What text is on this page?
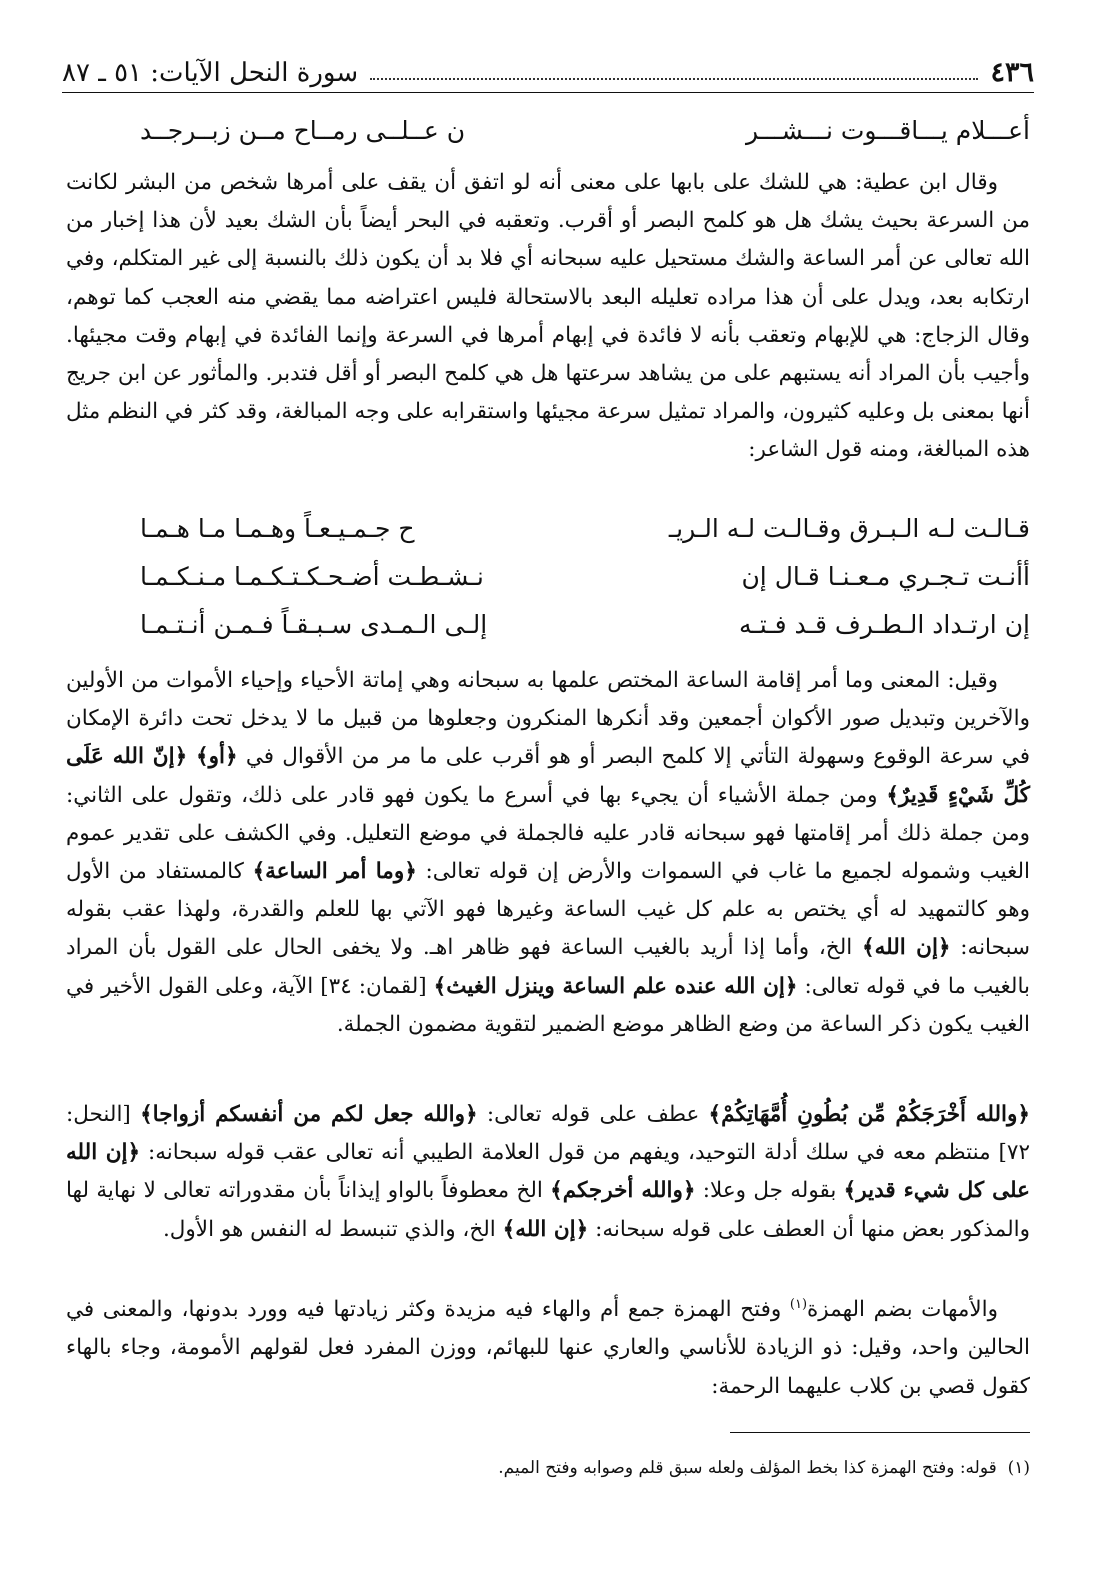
٤٣٦
سورة النحل الآيات: ٥١ ـ ٨٧
أعـــلام يـــاقـــوت نـــشـــر
ن عــلــى رمــاح مــن زبــرجــد
وقال ابن عطية: هي للشك على بابها على معنى أنه لو اتفق أن يقف على أمرها شخص من البشر لكانت من السرعة بحيث يشك هل هو كلمح البصر أو أقرب. وتعقبه في البحر أيضاً بأن الشك بعيد لأن هذا إخبار من الله تعالى عن أمر الساعة والشك مستحيل عليه سبحانه أي فلا بد أن يكون ذلك بالنسبة إلى غير المتكلم، وفي ارتكابه بعد، ويدل على أن هذا مراده تعليله البعد بالاستحالة فليس اعتراضه مما يقضي منه العجب كما توهم، وقال الزجاج: هي للإبهام وتعقب بأنه لا فائدة في إبهام أمرها في السرعة وإنما الفائدة في إبهام وقت مجيئها. وأجيب بأن المراد أنه يستبهم على من يشاهد سرعتها هل هي كلمح البصر أو أقل فتدبر. والمأثور عن ابن جريج أنها بمعنى بل وعليه كثيرون، والمراد تمثيل سرعة مجيئها واستقرابه على وجه المبالغة، وقد كثر في النظم مثل هذه المبالغة، ومنه قول الشاعر:
قـالـت لـه الـبـرق وقـالـت لـه الـريـ
ح جـمـيـعـاً وهـمـا مـا هـمـا
أأنـت تـجـري مـعـنـا قـال إن
نـشـطـت أضـحـكـتـكـمـا مـنـكـمـا
إن ارتـداد الـطـرف قـد فـتـه
إلـى الـمـدى سـبـقـاً فـمـن أنـتـمـا
وقيل: المعنى وما أمر إقامة الساعة المختص علمها به سبحانه وهي إماتة الأحياء وإحياء الأموات من الأولين والآخرين وتبديل صور الأكوان أجمعين وقد أنكرها المنكرون وجعلوها من قبيل ما لا يدخل تحت دائرة الإمكان في سرعة الوقوع وسهولة التأتي إلا كلمح البصر أو هو أقرب على ما مر من الأقوال في ﴿أو﴾ ﴿إنّ الله عَلَى كُلِّ شَيْءٍ قَدِيرٌ﴾ ومن جملة الأشياء أن يجيء بها في أسرع ما يكون فهو قادر على ذلك، وتقول على الثاني: ومن جملة ذلك أمر إقامتها فهو سبحانه قادر عليه فالجملة في موضع التعليل. وفي الكشف على تقدير عموم الغيب وشموله لجميع ما غاب في السموات والأرض إن قوله تعالى: ﴿وما أمر الساعة﴾ كالمستفاد من الأول وهو كالتمهيد له أي يختص به علم كل غيب الساعة وغيرها فهو الآتي بها للعلم والقدرة، ولهذا عقب بقوله سبحانه: ﴿إن الله﴾ الخ، وأما إذا أريد بالغيب الساعة فهو ظاهر اهـ. ولا يخفى الحال على القول بأن المراد بالغيب ما في قوله تعالى: ﴿إن الله عنده علم الساعة وينزل الغيث﴾ [لقمان: ٣٤] الآية، وعلى القول الأخير في الغيب يكون ذكر الساعة من وضع الظاهر موضع الضمير لتقوية مضمون الجملة.
﴿والله أَخْرَجَكُمْ مِّن بُطُونِ أُمَّهَاتِكُمْ﴾ عطف على قوله تعالى: ﴿والله جعل لكم من أنفسكم أزواجا﴾ [النحل: ٧٢] منتظم معه في سلك أدلة التوحيد، ويفهم من قول العلامة الطيبي أنه تعالى عقب قوله سبحانه: ﴿إن الله على كل شيء قدير﴾ بقوله جل وعلا: ﴿والله أخرجكم﴾ الخ معطوفاً بالواو إيذاناً بأن مقدوراته تعالى لا نهاية لها والمذكور بعض منها أن العطف على قوله سبحانه: ﴿إن الله﴾ الخ، والذي تنبسط له النفس هو الأول.
والأمهات بضم الهمزة$^{(١)}$ وفتح الهمزة جمع أم والهاء فيه مزيدة وكثر زيادتها فيه وورد بدونها، والمعنى في الحالين واحد، وقيل: ذو الزيادة للأناسي والعاري عنها للبهائم، ووزن المفرد فعل لقولهم الأمومة، وجاء بالهاء كقول قصي بن كلاب عليهما الرحمة:
(١)  قوله: وفتح الهمزة كذا بخط المؤلف ولعله سبق قلم وصوابه وفتح الميم.
